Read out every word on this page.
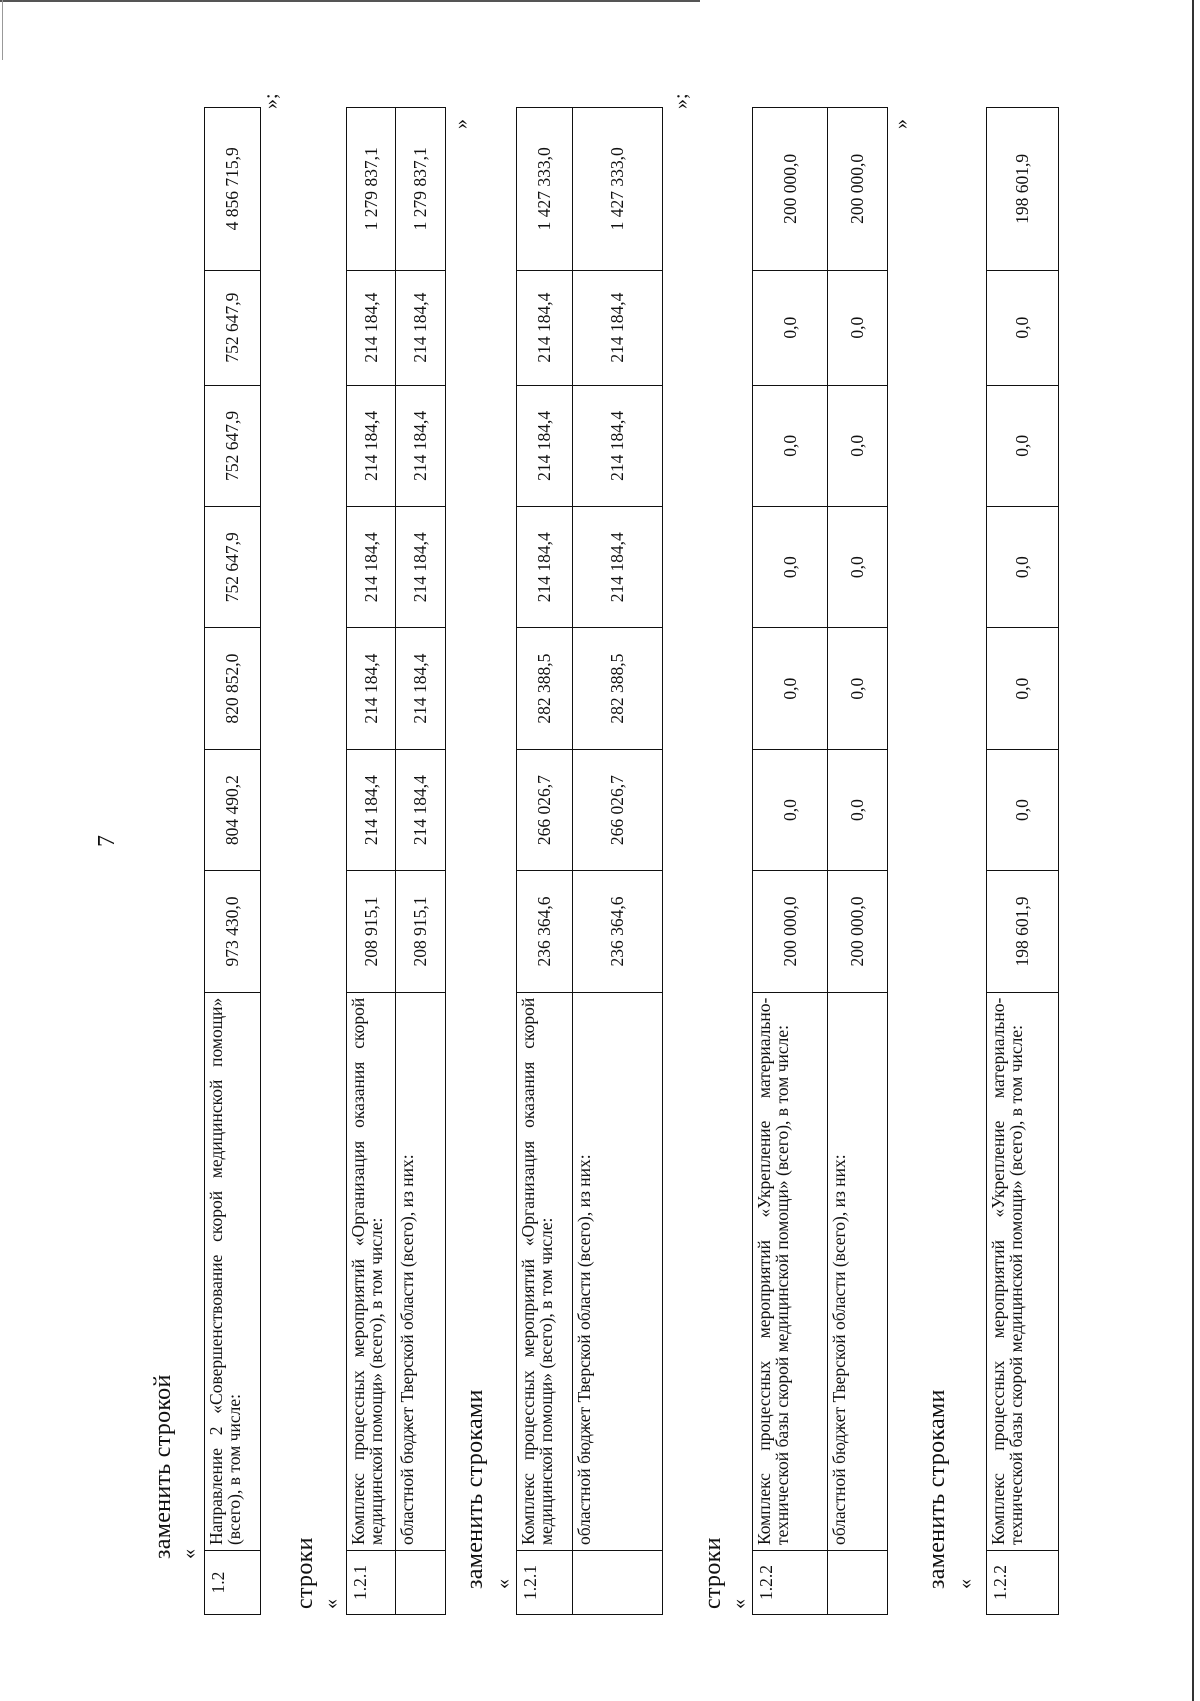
7
заменить строкой «
1.2	Направление 2 «Совершенствование скорой медицинской помощи» (всего), в том числе:	973 430,0	804 490,2	820 852,0	752 647,9	752 647,9	752 647,9	4 856 715,9
»;
строки «
1.2.1	Комплекс процессных мероприятий «Организация оказания скорой медицинской помощи» (всего), в том числе:	208 915,1	214 184,4	214 184,4	214 184,4	214 184,4	214 184,4	1 279 837,1
	областной бюджет Тверской области (всего), из них:	208 915,1	214 184,4	214 184,4	214 184,4	214 184,4	214 184,4	1 279 837,1
»
заменить строками « 1.2.1	Комплекс процессных мероприятий «Организация оказания скорой медицинской помощи» (всего), в том числе:	236 364,6	266 026,7	282 388,5	214 184,4	214 184,4	214 184,4	1 427 333,0
	областной бюджет Тверской области (всего), из них:	236 364,6	266 026,7	282 388,5	214 184,4	214 184,4	214 184,4	1 427 333,0
»;
строки «
1.2.2	Комплекс процессных мероприятий «Укрепление материально-технической базы скорой медицинской помощи» (всего), в том числе:	200 000,0	0,0	0,0	0,0	0,0	0,0	200 000,0
	областной бюджет Тверской области (всего), из них:	200 000,0	0,0	0,0	0,0	0,0	0,0	200 000,0
»
заменить строками « 1.2.2	Комплекс процессных мероприятий «Укрепление материально-технической базы скорой медицинской помощи» (всего), в том числе:	198 601,9	0,0	0,0	0,0	0,0	0,0	198 601,9
